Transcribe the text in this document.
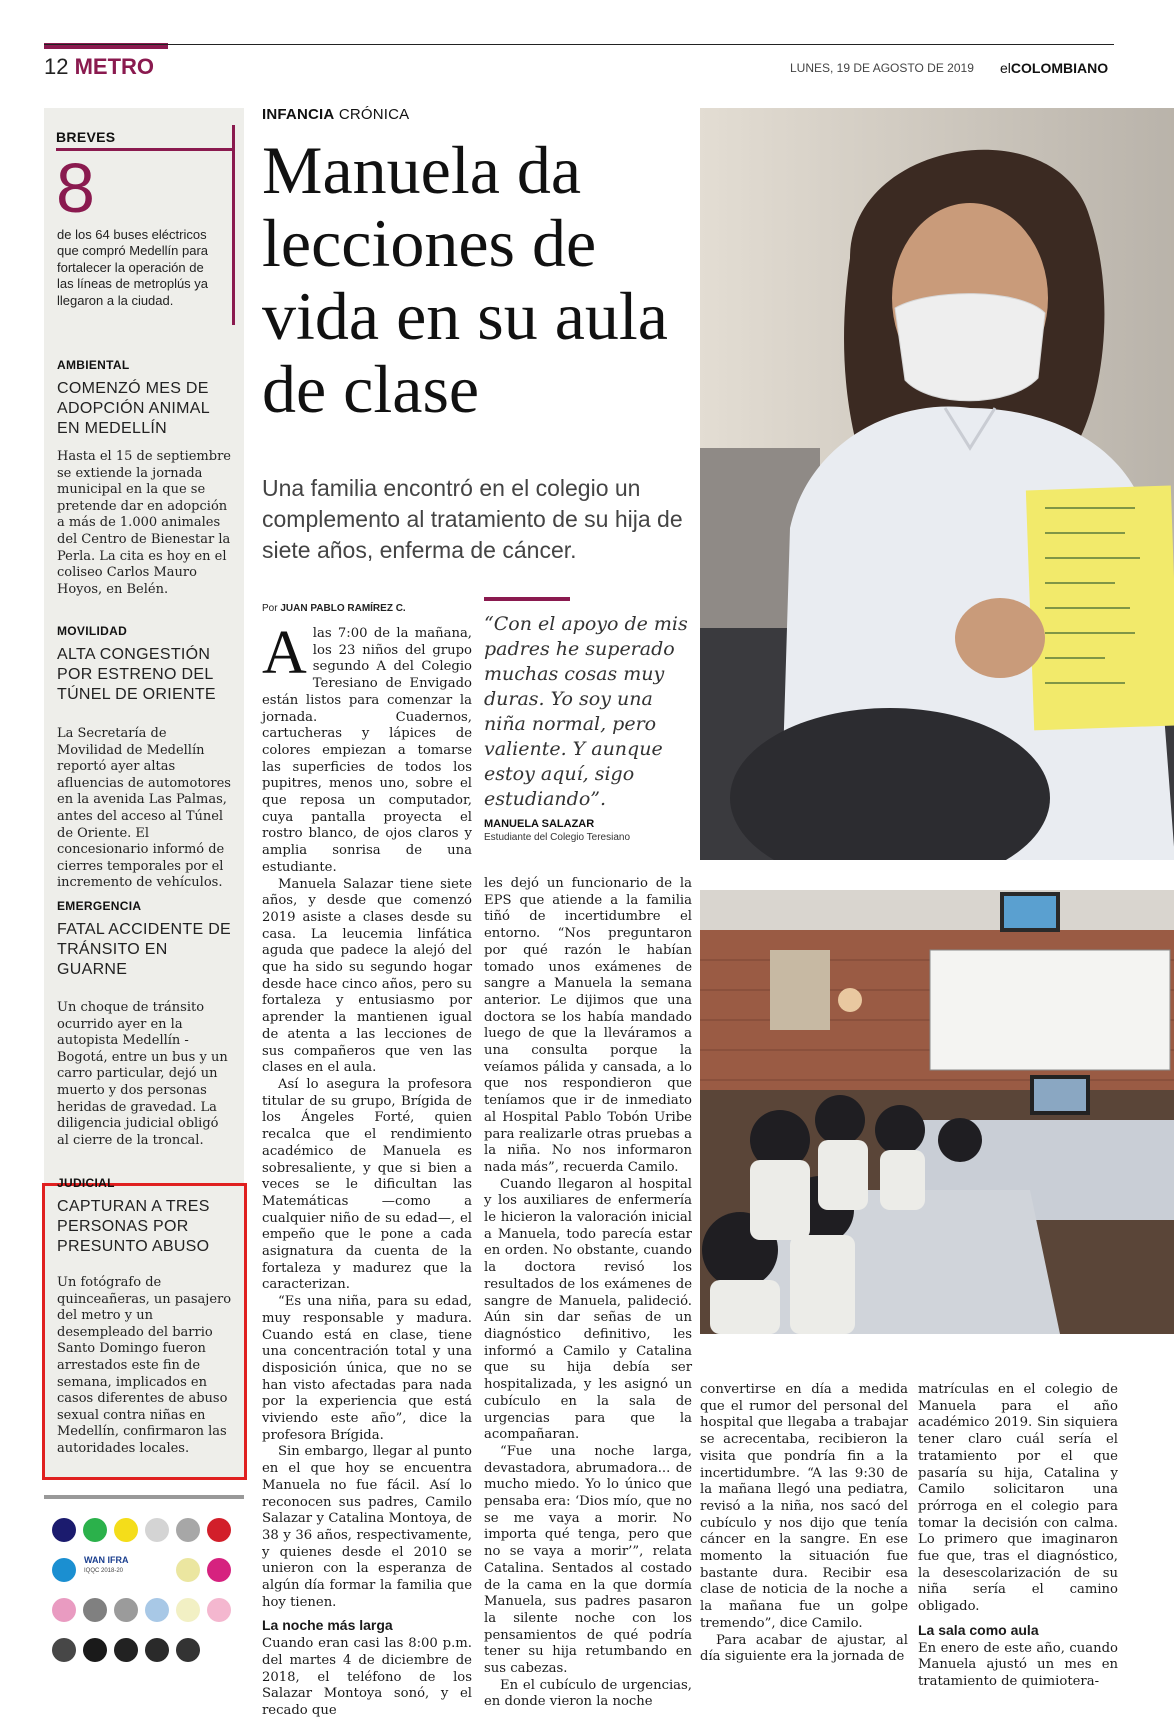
12 METRO	LUNES, 19 DE AGOSTO DE 2019 elCOLOMBIANO
BREVES
8
de los 64 buses eléctricos que compró Medellín para fortalecer la operación de las líneas de metroplús ya llegaron a la ciudad.
AMBIENTAL
COMENZÓ MES DE ADOPCIÓN ANIMAL EN MEDELLÍN
Hasta el 15 de septiembre se extiende la jornada municipal en la que se pretende dar en adopción a más de 1.000 animales del Centro de Bienestar la Perla. La cita es hoy en el coliseo Carlos Mauro Hoyos, en Belén.
MOVILIDAD
ALTA CONGESTIÓN POR ESTRENO DEL TÚNEL DE ORIENTE
La Secretaría de Movilidad de Medellín reportó ayer altas afluencias de automotores en la avenida Las Palmas, antes del acceso al Túnel de Oriente. El concesionario informó de cierres temporales por el incremento de vehículos.
EMERGENCIA
FATAL ACCIDENTE DE TRÁNSITO EN GUARNE
Un choque de tránsito ocurrido ayer en la autopista Medellín - Bogotá, entre un bus y un carro particular, dejó un muerto y dos personas heridas de gravedad. La diligencia judicial obligó al cierre de la troncal.
JUDICIAL
CAPTURAN A TRES PERSONAS POR PRESUNTO ABUSO
Un fotógrafo de quinceañeras, un pasajero del metro y un desempleado del barrio Santo Domingo fueron arrestados este fin de semana, implicados en casos diferentes de abuso sexual contra niñas en Medellín, confirmaron las autoridades locales.
WAN IFRA
IQQC 2018-20
INFANCIA CRÓNICA
Manuela da lecciones de vida en su aula de clase
Una familia encontró en el colegio un complemento al tratamiento de su hija de siete años, enferma de cáncer.
Por JUAN PABLO RAMÍREZ C.
A las 7:00 de la mañana, los 23 niños del grupo segundo A del Colegio Teresiano de Envigado están listos para comenzar la jornada. Cuadernos, cartucheras y lápices de colores empiezan a tomarse las superficies de todos los pupitres, menos uno, sobre el que reposa un computador, cuya pantalla proyecta el rostro blanco, de ojos claros y amplia sonrisa de una estudiante.

Manuela Salazar tiene siete años, y desde que comenzó 2019 asiste a clases desde su casa. La leucemia linfática aguda que padece la alejó del que ha sido su segundo hogar desde hace cinco años, pero su fortaleza y entusiasmo por aprender la mantienen igual de atenta a las lecciones de sus compañeros que ven las clases en el aula.

Así lo asegura la profesora titular de su grupo, Brígida de los Ángeles Forté, quien recalca que el rendimiento académico de Manuela es sobresaliente, y que si bien a veces se le dificultan las Matemáticas —como a cualquier niño de su edad—, el empeño que le pone a cada asignatura da cuenta de la fortaleza y madurez que la caracterizan.

“Es una niña, para su edad, muy responsable y madura. Cuando está en clase, tiene una concentración total y una disposición única, que no se han visto afectadas para nada por la experiencia que está viviendo este año”, dice la profesora Brígida.

Sin embargo, llegar al punto en el que hoy se encuentra Manuela no fue fácil. Así lo reconocen sus padres, Camilo Salazar y Catalina Montoya, de 38 y 36 años, respectivamente, y quienes desde el 2010 se unieron con la esperanza de algún día formar la familia que hoy tienen.

La noche más larga

Cuando eran casi las 8:00 p.m. del martes 4 de diciembre de 2018, el teléfono de los Salazar Montoya sonó, y el recado que

“Con el apoyo de mis padres he superado muchas cosas muy duras. Yo soy una niña normal, pero valiente. Y aunque estoy aquí, sigo estudiando”.
MANUELA SALAZAR
Estudiante del Colegio Teresiano

les dejó un funcionario de la EPS que atiende a la familia tiñó de incertidumbre el entorno. “Nos preguntaron por qué razón le habían tomado unos exámenes de sangre a Manuela la semana anterior. Le dijimos que una doctora se los había mandado luego de que la lleváramos a una consulta porque la veíamos pálida y cansada, a lo que nos respondieron que teníamos que ir de inmediato al Hospital Pablo Tobón Uribe para realizarle otras pruebas a la niña. No nos informaron nada más”, recuerda Camilo.

Cuando llegaron al hospital y los auxiliares de enfermería le hicieron la valoración inicial a Manuela, todo parecía estar en orden. No obstante, cuando la doctora revisó los resultados de los exámenes de sangre de Manuela, palideció. Aún sin dar señas de un diagnóstico definitivo, les informó a Camilo y Catalina que su hija debía ser hospitalizada, y les asignó un cubículo en la sala de urgencias para que la acompañaran.

“Fue una noche larga, devastadora, abrumadora... de mucho miedo. Yo lo único que pensaba era: ‘Dios mío, que no se me vaya a morir. No importa qué tenga, pero que no se vaya a morir’”, relata Catalina. Sentados al costado de la cama en la que dormía Manuela, sus padres pasaron la silente noche con los pensamientos de qué podría tener su hija retumbando en sus cabezas.

En el cubículo de urgencias, en donde vieron la noche

convertirse en día a medida que el rumor del personal del hospital que llegaba a trabajar se acrecentaba, recibieron la visita que pondría fin a la incertidumbre. “A las 9:30 de la mañana llegó una pediatra, revisó a la niña, nos sacó del cubículo y nos dijo que tenía cáncer en la sangre. En ese momento la situación fue bastante dura. Recibir esa clase de noticia de la noche a la mañana fue un golpe tremendo”, dice Camilo.

Para acabar de ajustar, al día siguiente era la jornada de

matrículas en el colegio de Manuela para el año académico 2019. Sin siquiera tener claro cuál sería el tratamiento por el que pasaría su hija, Catalina y Camilo solicitaron una prórroga en el colegio para tomar la decisión con calma. Lo primero que imaginaron fue que, tras el diagnóstico, la desescolarización de su niña sería el camino obligado.

La sala como aula

En enero de este año, cuando Manuela ajustó un mes en tratamiento de quimiotera-
